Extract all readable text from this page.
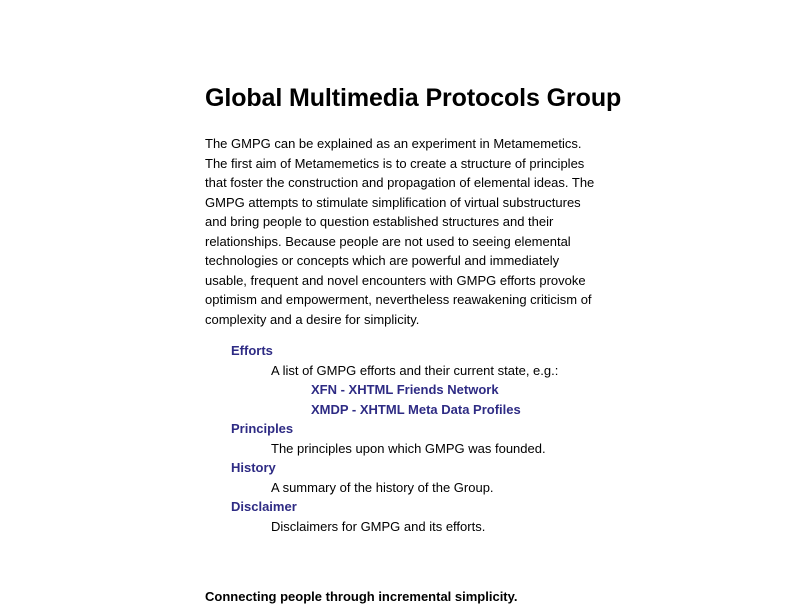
Global Multimedia Protocols Group

The GMPG can be explained as an experiment in Metamemetics. The first aim of Metamemetics is to create a structure of principles that foster the construction and propagation of elemental ideas. The GMPG attempts to stimulate simplification of virtual substructures and bring people to question established structures and their relationships. Because people are not used to seeing elemental technologies or concepts which are powerful and immediately usable, frequent and novel encounters with GMPG efforts provoke optimism and empowerment, nevertheless reawakening criticism of complexity and a desire for simplicity.

Efforts
A list of GMPG efforts and their current state, e.g.:
XFN - XHTML Friends Network
XMDP - XHTML Meta Data Profiles
Principles
The principles upon which GMPG was founded.
History
A summary of the history of the Group.
Disclaimer
Disclaimers for GMPG and its efforts.

Connecting people through incremental simplicity.
